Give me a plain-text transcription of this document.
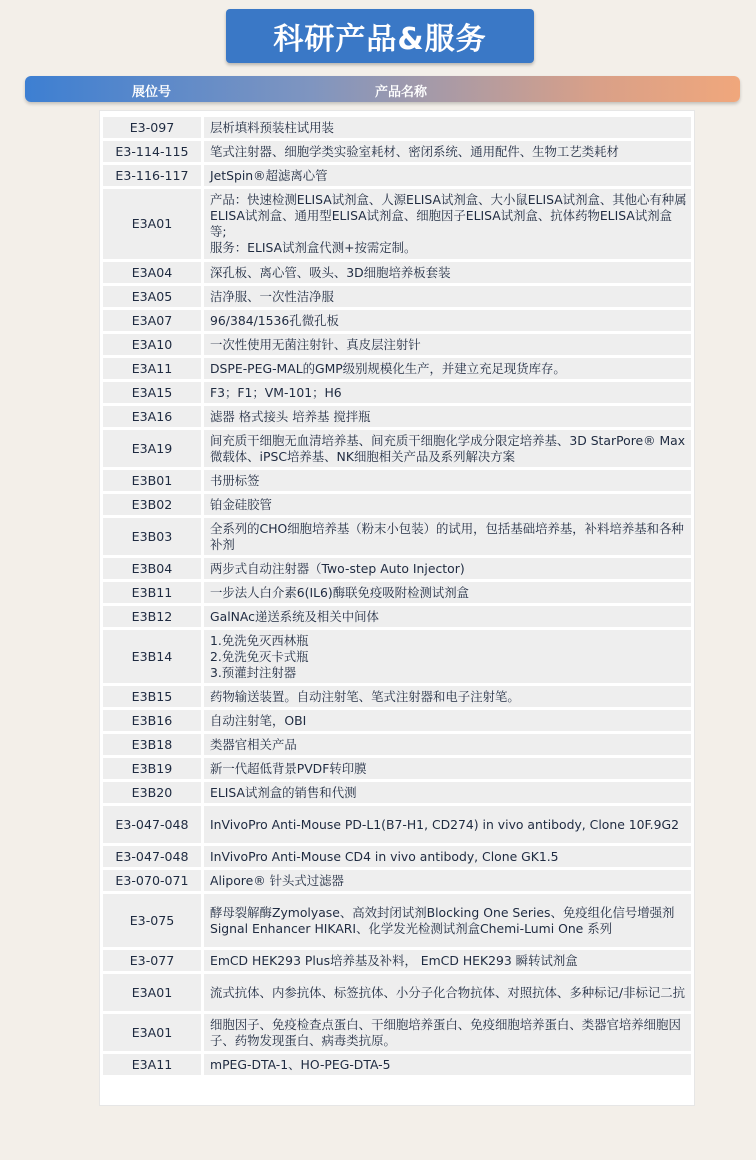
科研产品&服务
展位号	产品名称
E3-097	层析填料预装柱试用装
E3-114-115	笔式注射器、细胞学类实验室耗材、密闭系统、通用配件、生物工艺类耗材
E3-116-117	JetSpin®超滤离心管
E3A01	产品：快速检测ELISA试剂盒、人源ELISA试剂盒、大小鼠ELISA试剂盒、其他心有种属ELISA试剂盒、通用型ELISA试剂盒、细胞因子ELISA试剂盒、抗体药物ELISA试剂盒等;
服务：ELISA试剂盒代测+按需定制。
E3A04	深孔板、离心管、吸头、3D细胞培养板套装
E3A05	洁净服、一次性洁净服
E3A07	96/384/1536孔微孔板
E3A10	一次性使用无菌注射针、真皮层注射针
E3A11	DSPE-PEG-MAL的GMP级别规模化生产，并建立充足现货库存。
E3A15	F3；F1；VM-101；H6
E3A16	滤器 格式接头 培养基 搅拌瓶
E3A19	间充质干细胞无血清培养基、间充质干细胞化学成分限定培养基、3D StarPore® Max 微载体、iPSC培养基、NK细胞相关产品及系列解决方案
E3B01	书册标签
E3B02	铂金硅胶管
E3B03	全系列的CHO细胞培养基（粉末小包装）的试用，包括基础培养基，补料培养基和各种补剂
E3B04	两步式自动注射器（Two-step Auto Injector)
E3B11	一步法人白介素6(IL6)酶联免疫吸附检测试剂盒
E3B12	GalNAc递送系统及相关中间体
E3B14	1.免洗免灭西林瓶
2.免洗免灭卡式瓶
3.预灌封注射器
E3B15	药物输送装置。自动注射笔、笔式注射器和电子注射笔。
E3B16	自动注射笔，OBI
E3B18	类器官相关产品
E3B19	新一代超低背景PVDF转印膜
E3B20	ELISA试剂盒的销售和代测
E3-047-048	InVivoPro Anti-Mouse PD-L1(B7-H1, CD274) in vivo antibody, Clone 10F.9G2
E3-047-048	InVivoPro Anti-Mouse CD4 in vivo antibody, Clone GK1.5
E3-070-071	Alipore® 针头式过滤器
E3-075	酵母裂解酶Zymolyase、高效封闭试剂Blocking One Series、免疫组化信号增强剂Signal Enhancer HIKARI、化学发光检测试剂盒Chemi-Lumi One 系列
E3-077	EmCD HEK293 Plus培养基及补料， EmCD HEK293 瞬转试剂盒
E3A01	流式抗体、内参抗体、标签抗体、小分子化合物抗体、对照抗体、多种标记/非标记二抗
E3A01	细胞因子、免疫检查点蛋白、干细胞培养蛋白、免疫细胞培养蛋白、类器官培养细胞因子、药物发现蛋白、病毒类抗原。
E3A11	mPEG-DTA-1、HO-PEG-DTA-5
